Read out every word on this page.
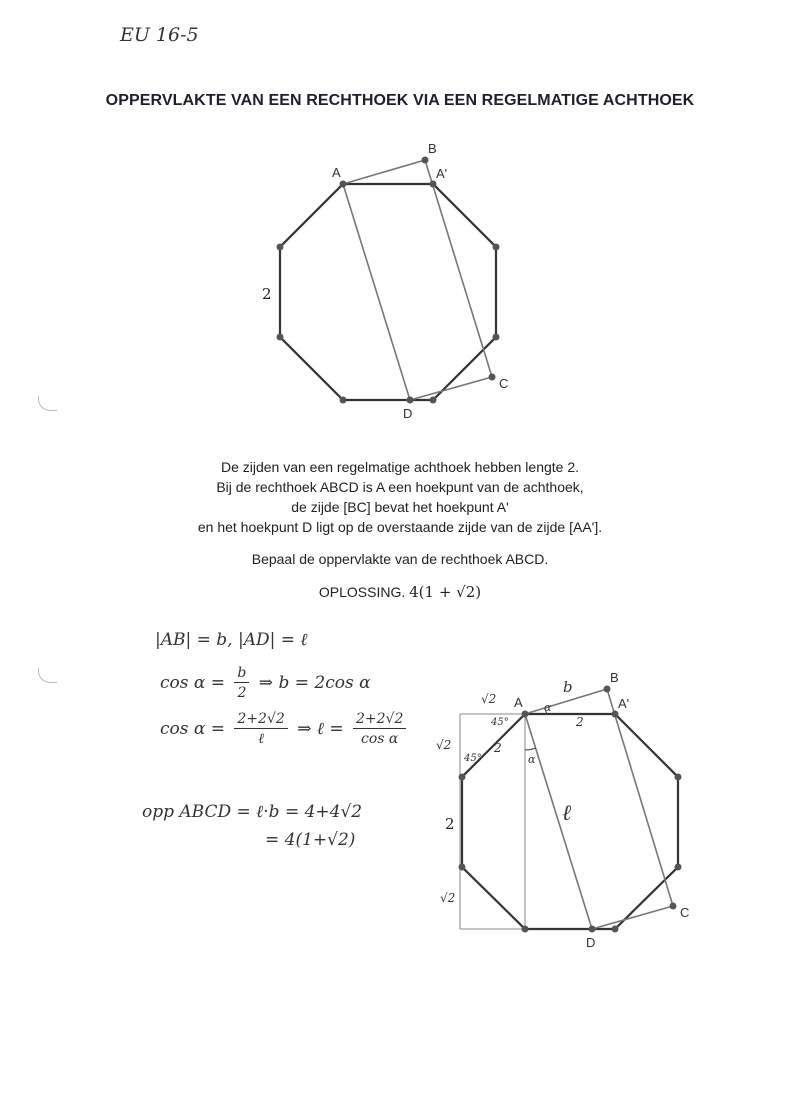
EU 16-5
OPPERVLAKTE VAN EEN RECHTHOEK VIA EEN REGELMATIGE ACHTHOEK
A
B
A'
C
D
2

De zijden van een regelmatige achthoek hebben lengte 2.

Bij de rechthoek ABCD is A een hoekpunt van de achthoek,

de zijde [BC] bevat het hoekpunt A'

en het hoekpunt D ligt op de overstaande zijde van de zijde [AA'].

Bepaal de oppervlakte van de rechthoek ABCD.
OPLOSSING. 4(1 + √2)
|AB| = b, |AD| = ℓ
$\cos \alpha = \frac{b}{2}$ ⇒ b = 2cos α
$\cos \alpha = \frac{2+2√2}{\text{ℓ}}$ ⇒ ℓ = $\frac{2+2√2}{\text{cos α}}$
opp ABCD = ℓ·b = 4+4√2
= 4(1+√2)
A
B
A'
C
D
b
ℓ
α
α
2
2
45°
45°
√2
√2
√2
2
